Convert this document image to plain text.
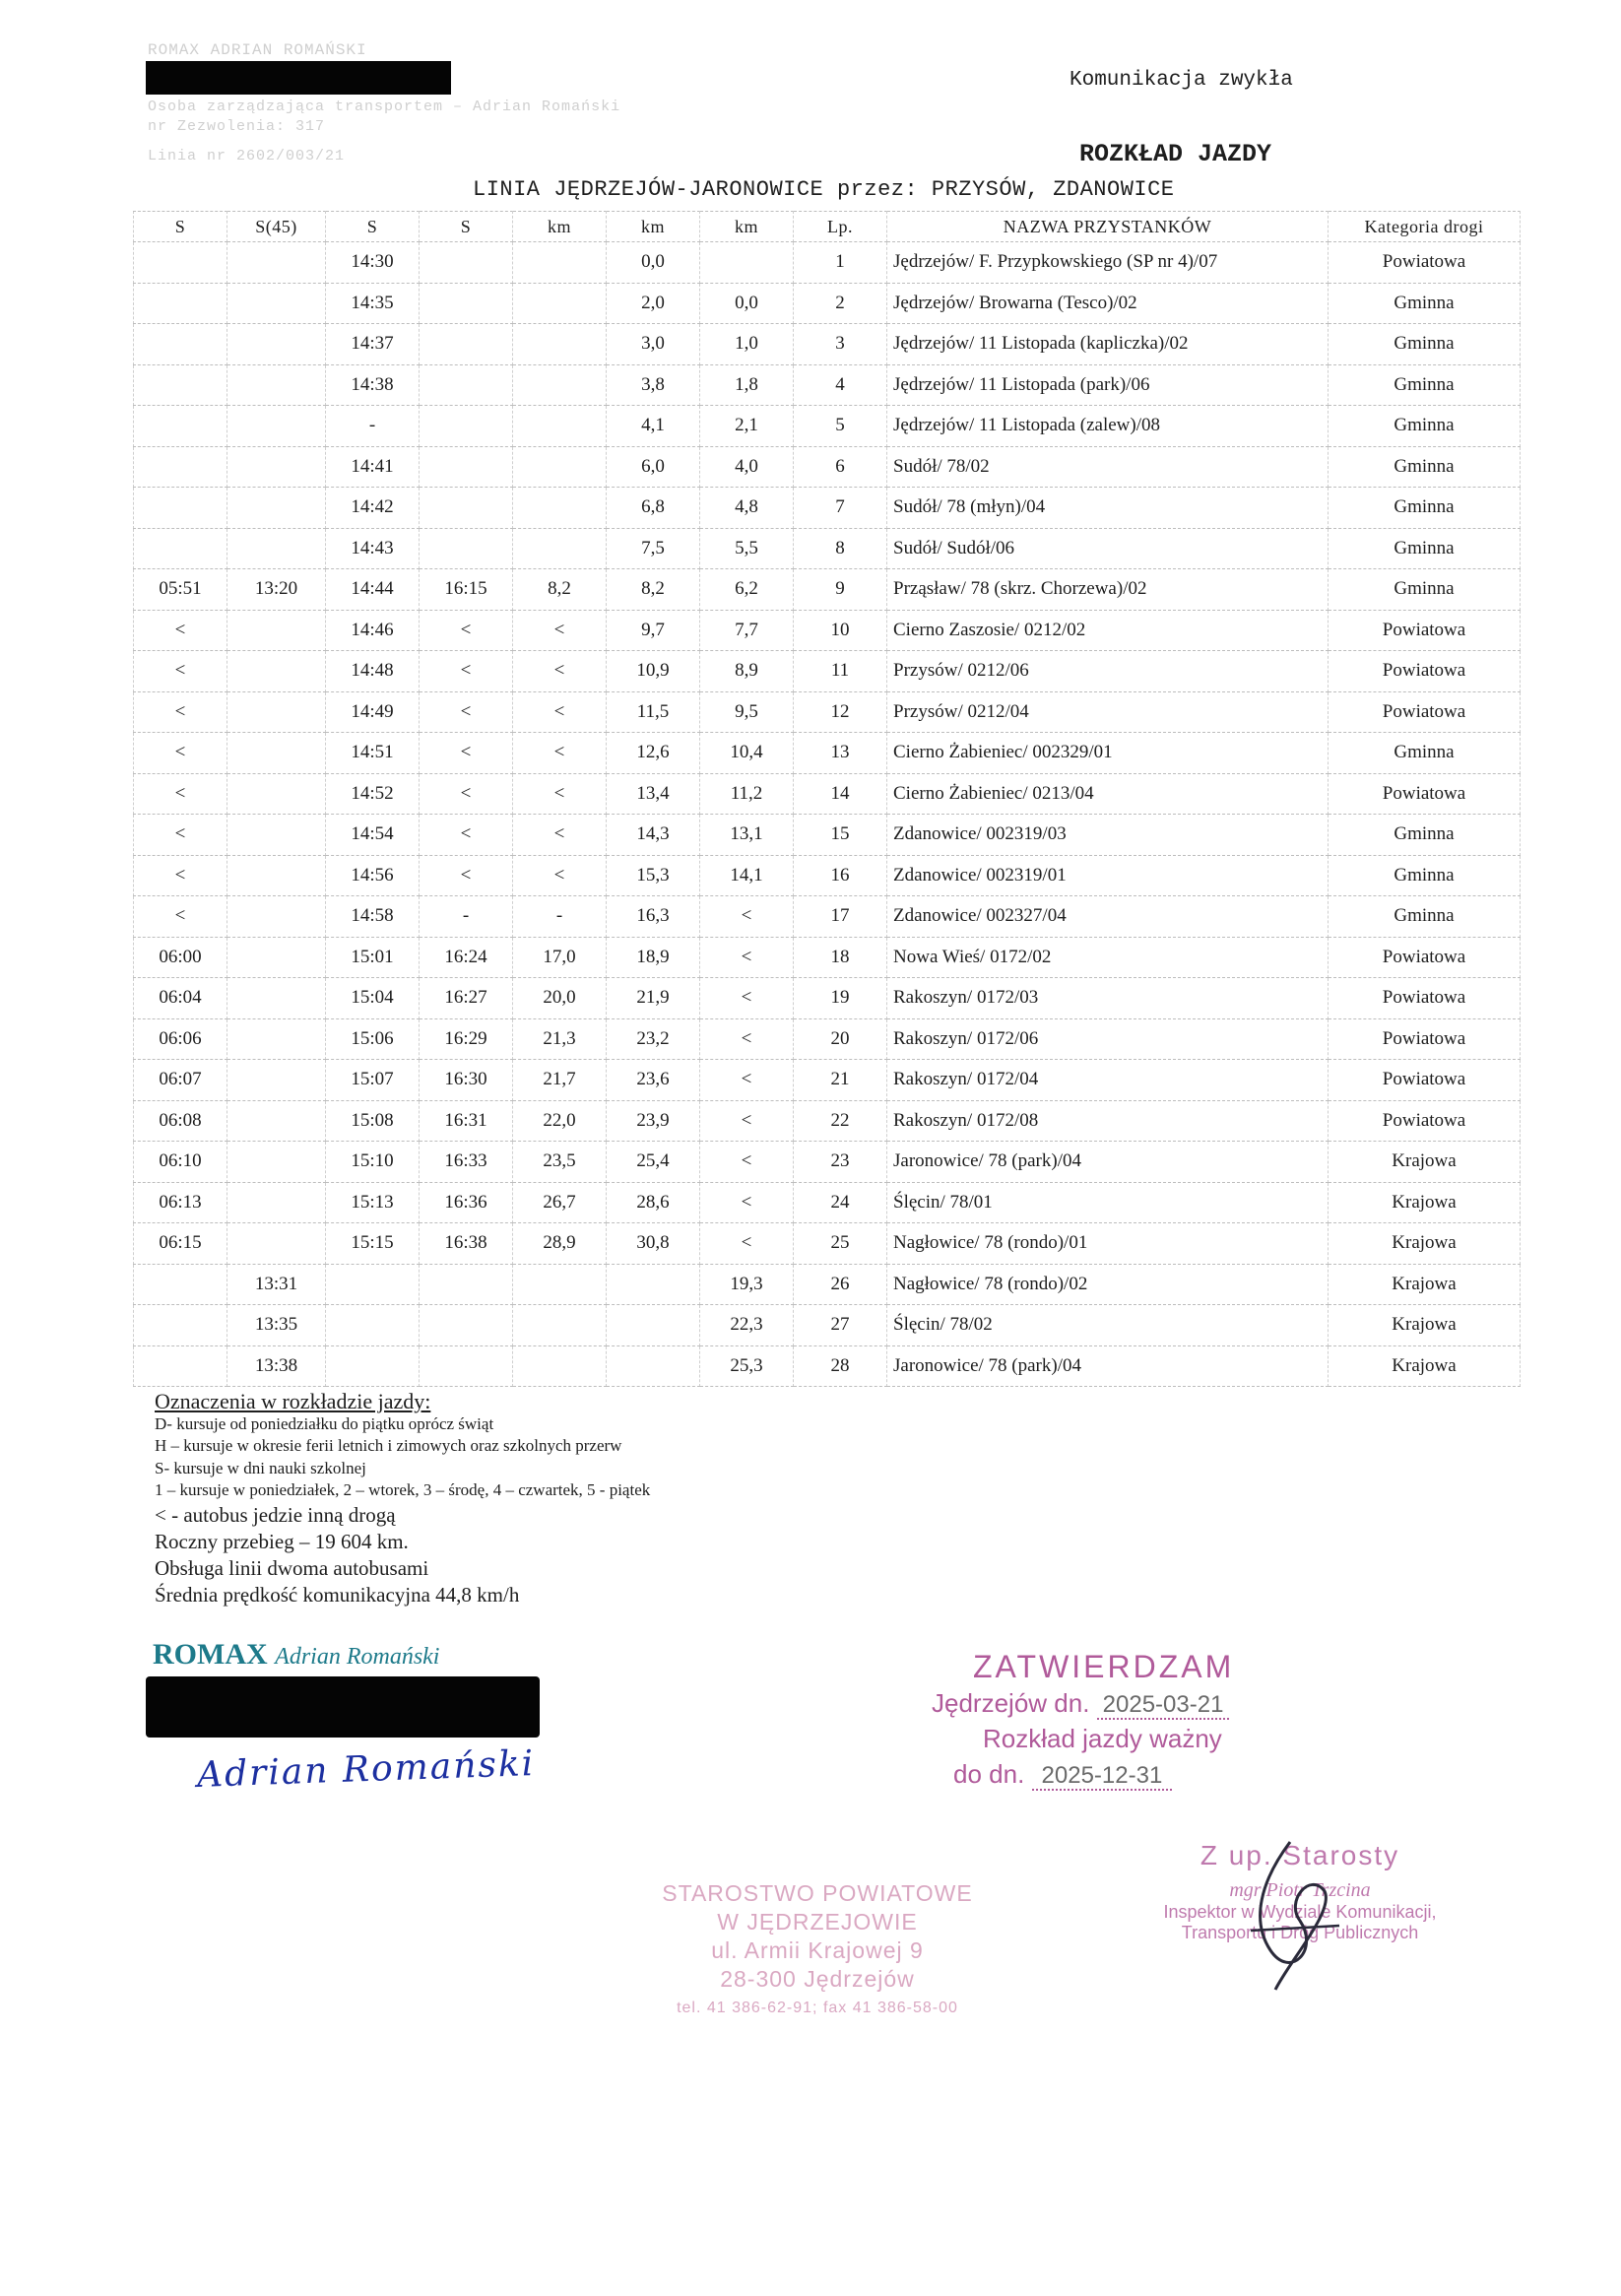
ROMAX ADRIAN ROMAŃSKI
Osoba zarządzająca transportem – Adrian Romański
nr Zezwolenia: 317
Linia nr 2602/003/21
Komunikacja zwykła
ROZKŁAD JAZDY
LINIA JĘDRZEJÓW-JARONOWICE przez: PRZYSÓW, ZDANOWICE
S	S(45)	S	S	km	km	km	Lp.	NAZWA PRZYSTANKÓW	Kategoria drogi
		14:30			0,0		1	Jędrzejów/ F. Przypkowskiego (SP nr 4)/07	Powiatowa
		14:35			2,0	0,0	2	Jędrzejów/ Browarna (Tesco)/02	Gminna
		14:37			3,0	1,0	3	Jędrzejów/ 11 Listopada (kapliczka)/02	Gminna
		14:38			3,8	1,8	4	Jędrzejów/ 11 Listopada (park)/06	Gminna
		-			4,1	2,1	5	Jędrzejów/ 11 Listopada (zalew)/08	Gminna
		14:41			6,0	4,0	6	Sudół/ 78/02	Gminna
		14:42			6,8	4,8	7	Sudół/ 78 (młyn)/04	Gminna
		14:43			7,5	5,5	8	Sudół/ Sudół/06	Gminna
05:51	13:20	14:44	16:15	8,2	8,2	6,2	9	Prząsław/ 78 (skrz. Chorzewa)/02	Gminna
<		14:46	<	<	9,7	7,7	10	Cierno Zaszosie/ 0212/02	Powiatowa
<		14:48	<	<	10,9	8,9	11	Przysów/ 0212/06	Powiatowa
<		14:49	<	<	11,5	9,5	12	Przysów/ 0212/04	Powiatowa
<		14:51	<	<	12,6	10,4	13	Cierno Żabieniec/ 002329/01	Gminna
<		14:52	<	<	13,4	11,2	14	Cierno Żabieniec/ 0213/04	Powiatowa
<		14:54	<	<	14,3	13,1	15	Zdanowice/ 002319/03	Gminna
<		14:56	<	<	15,3	14,1	16	Zdanowice/ 002319/01	Gminna
<		14:58	-	-	16,3	<	17	Zdanowice/ 002327/04	Gminna
06:00		15:01	16:24	17,0	18,9	<	18	Nowa Wieś/ 0172/02	Powiatowa
06:04		15:04	16:27	20,0	21,9	<	19	Rakoszyn/ 0172/03	Powiatowa
06:06		15:06	16:29	21,3	23,2	<	20	Rakoszyn/ 0172/06	Powiatowa
06:07		15:07	16:30	21,7	23,6	<	21	Rakoszyn/ 0172/04	Powiatowa
06:08		15:08	16:31	22,0	23,9	<	22	Rakoszyn/ 0172/08	Powiatowa
06:10		15:10	16:33	23,5	25,4	<	23	Jaronowice/ 78 (park)/04	Krajowa
06:13		15:13	16:36	26,7	28,6	<	24	Ślęcin/ 78/01	Krajowa
06:15		15:15	16:38	28,9	30,8	<	25	Nagłowice/ 78 (rondo)/01	Krajowa
	13:31					19,3	26	Nagłowice/ 78 (rondo)/02	Krajowa
	13:35					22,3	27	Ślęcin/ 78/02	Krajowa
	13:38					25,3	28	Jaronowice/ 78 (park)/04	Krajowa
Oznaczenia w rozkładzie jazdy:
D- kursuje od poniedziałku do piątku oprócz świąt
H – kursuje w okresie ferii letnich i zimowych oraz szkolnych przerw
S- kursuje w dni nauki szkolnej
1 – kursuje w poniedziałek, 2 – wtorek, 3 – środę, 4 – czwartek, 5 - piątek
< - autobus jedzie inną drogą
Roczny przebieg – 19 604 km.
Obsługa linii dwoma autobusami
Średnia prędkość komunikacyjna 44,8 km/h
ROMAX Adrian Romański
Adrian Romański
ZATWIERDZAM
Jędrzejów dn. 2025-03-21
Rozkład jazdy ważny
do dn. 2025-12-31
STAROSTWO POWIATOWE
W JĘDRZEJOWIE
ul. Armii Krajowej 9
28-300 Jędrzejów
tel. 41 386-62-91; fax 41 386-58-00
Z up. Starosty
mgr Piotr Trzcina
Inspektor w Wydziale Komunikacji,
Transportu i Dróg Publicznych
